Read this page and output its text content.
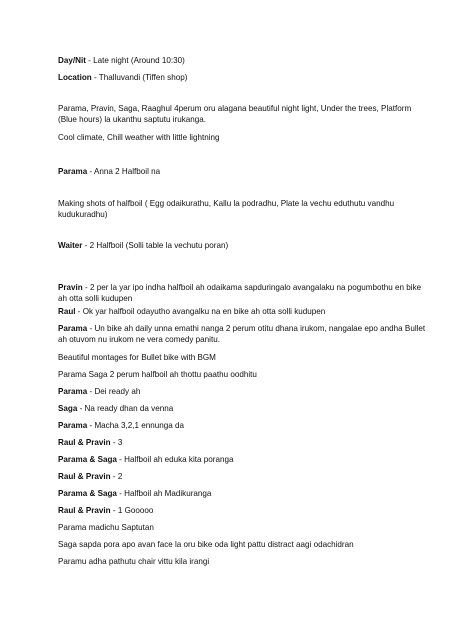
Day/Nit - Late night (Around 10:30)
Location - Thalluvandi (Tiffen shop)
Parama, Pravin, Saga, Raaghul 4perum oru alagana beautiful night light, Under the trees, Platform (Blue hours) la ukanthu saptutu irukanga.
Cool climate, Chill weather with little lightning
Parama - Anna 2 Halfboil na
Making shots of halfboil ( Egg odaikurathu, Kallu la podradhu, Plate la vechu eduthutu vandhu kudukuradhu)
Waiter - 2 Halfboil (Solli table la vechutu poran)
Pravin - 2 per la yar ipo indha halfboil ah odaikama sapduringalo avangalaku na pogumbothu en bike ah otta solli kudupen
Raul - Ok yar halfboil odayutho avangalku na en bike ah otta solli kudupen
Parama - Un bike ah daily unna emathi nanga 2 perum otitu dhana irukom, nangalae epo andha Bullet ah otuvom nu irukom ne vera comedy panitu.
Beautiful montages for Bullet bike with BGM
Parama Saga 2 perum halfboil ah thottu paathu oodhitu
Parama - Dei ready ah
Saga - Na ready dhan da venna
Parama - Macha 3,2,1 ennunga da
Raul & Pravin - 3
Parama & Saga - Halfboil ah eduka kita poranga
Raul & Pravin - 2
Parama & Saga - Halfboil ah Madikuranga
Raul & Pravin - 1 Gooooo
Parama madichu Saptutan
Saga sapda pora apo avan face la oru bike oda light pattu distract aagi odachidran
Paramu adha pathutu chair vittu kila irangi
